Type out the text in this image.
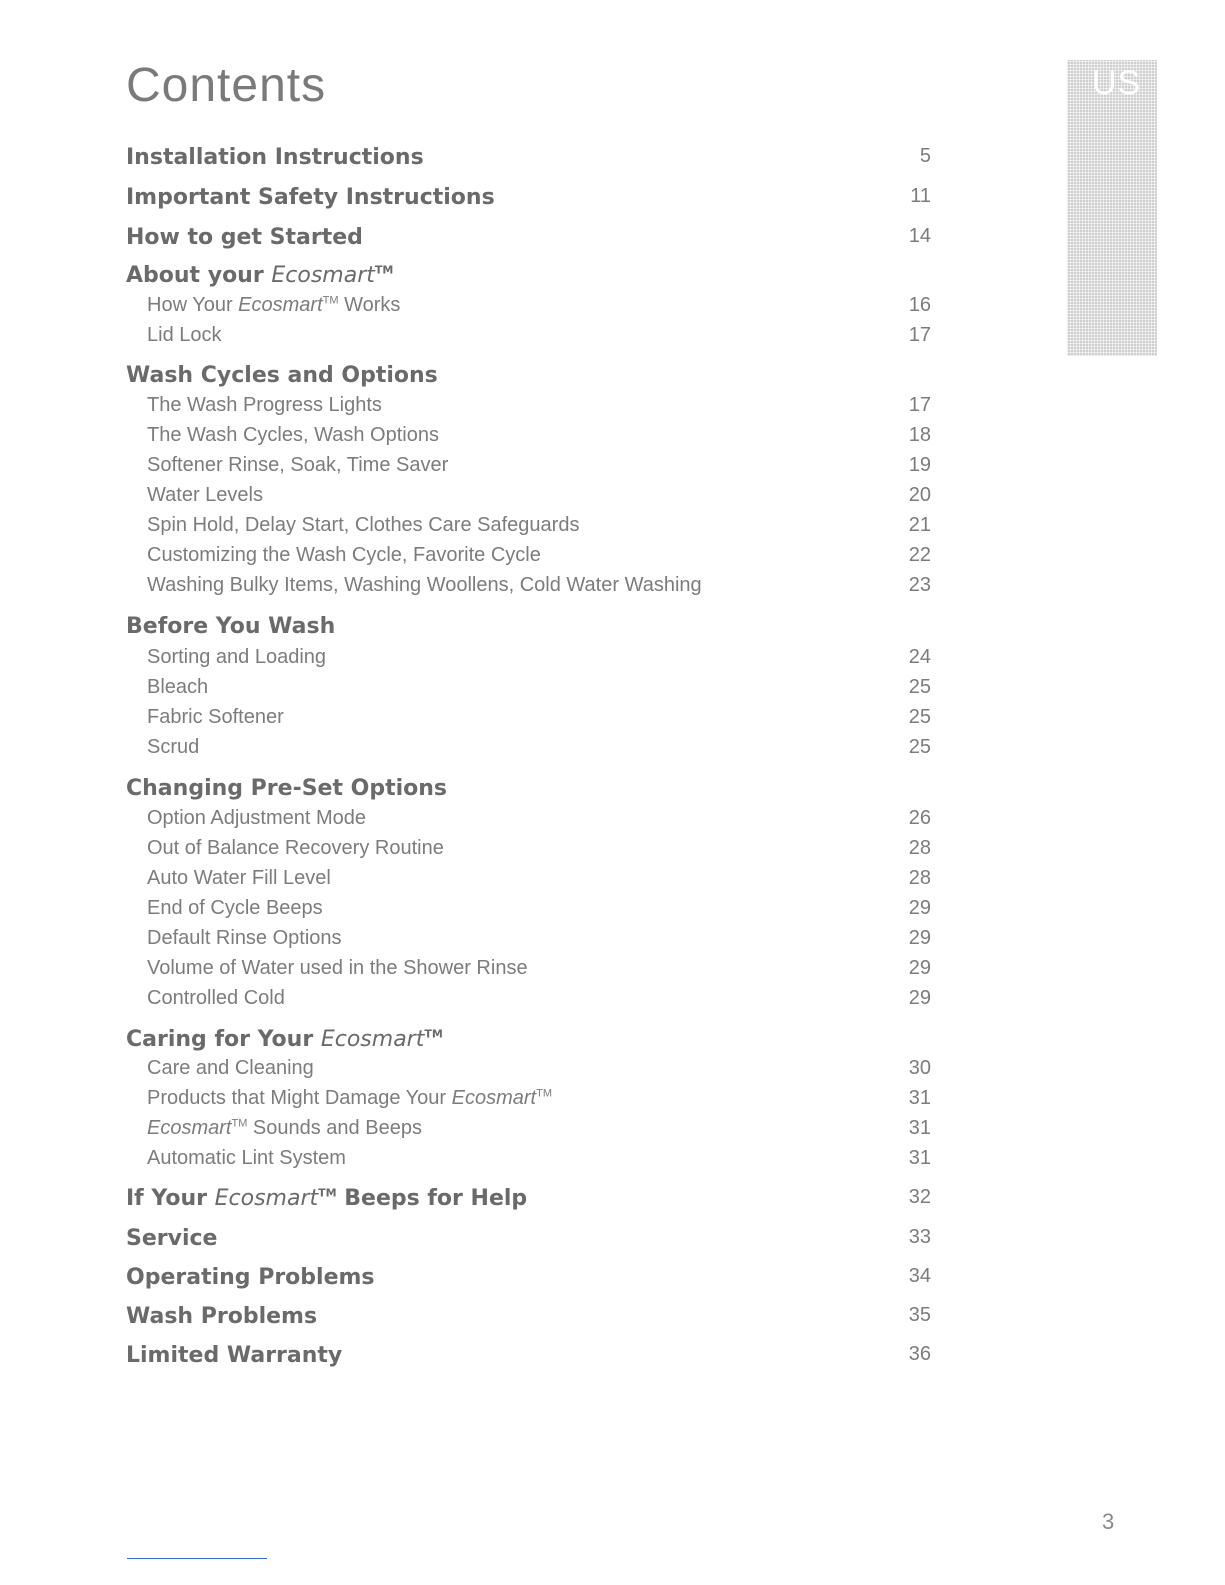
Contents	US
Installation Instructions	5
Important Safety Instructions	11
How to get Started	14
About your Ecosmart™
How Your Ecosmart™ Works	16
Lid Lock	17
Wash Cycles and Options
The Wash Progress Lights	17
The Wash Cycles, Wash Options	18
Softener Rinse, Soak, Time Saver	19
Water Levels	20
Spin Hold, Delay Start, Clothes Care Safeguards	21
Customizing the Wash Cycle, Favorite Cycle	22
Washing Bulky Items, Washing Woollens, Cold Water Washing	23
Before You Wash
Sorting and Loading	24
Bleach	25
Fabric Softener	25
Scrud	25
Changing Pre-Set Options
Option Adjustment Mode	26
Out of Balance Recovery Routine	28
Auto Water Fill Level	28
End of Cycle Beeps	29
Default Rinse Options	29
Volume of Water used in the Shower Rinse	29
Controlled Cold	29
Caring for Your Ecosmart™
Care and Cleaning	30
Products that Might Damage Your Ecosmart™	31
Ecosmart™ Sounds and Beeps	31
Automatic Lint System	31
If Your Ecosmart™ Beeps for Help	32
Service	33
Operating Problems	34
Wash Problems	35
Limited Warranty	36
3
